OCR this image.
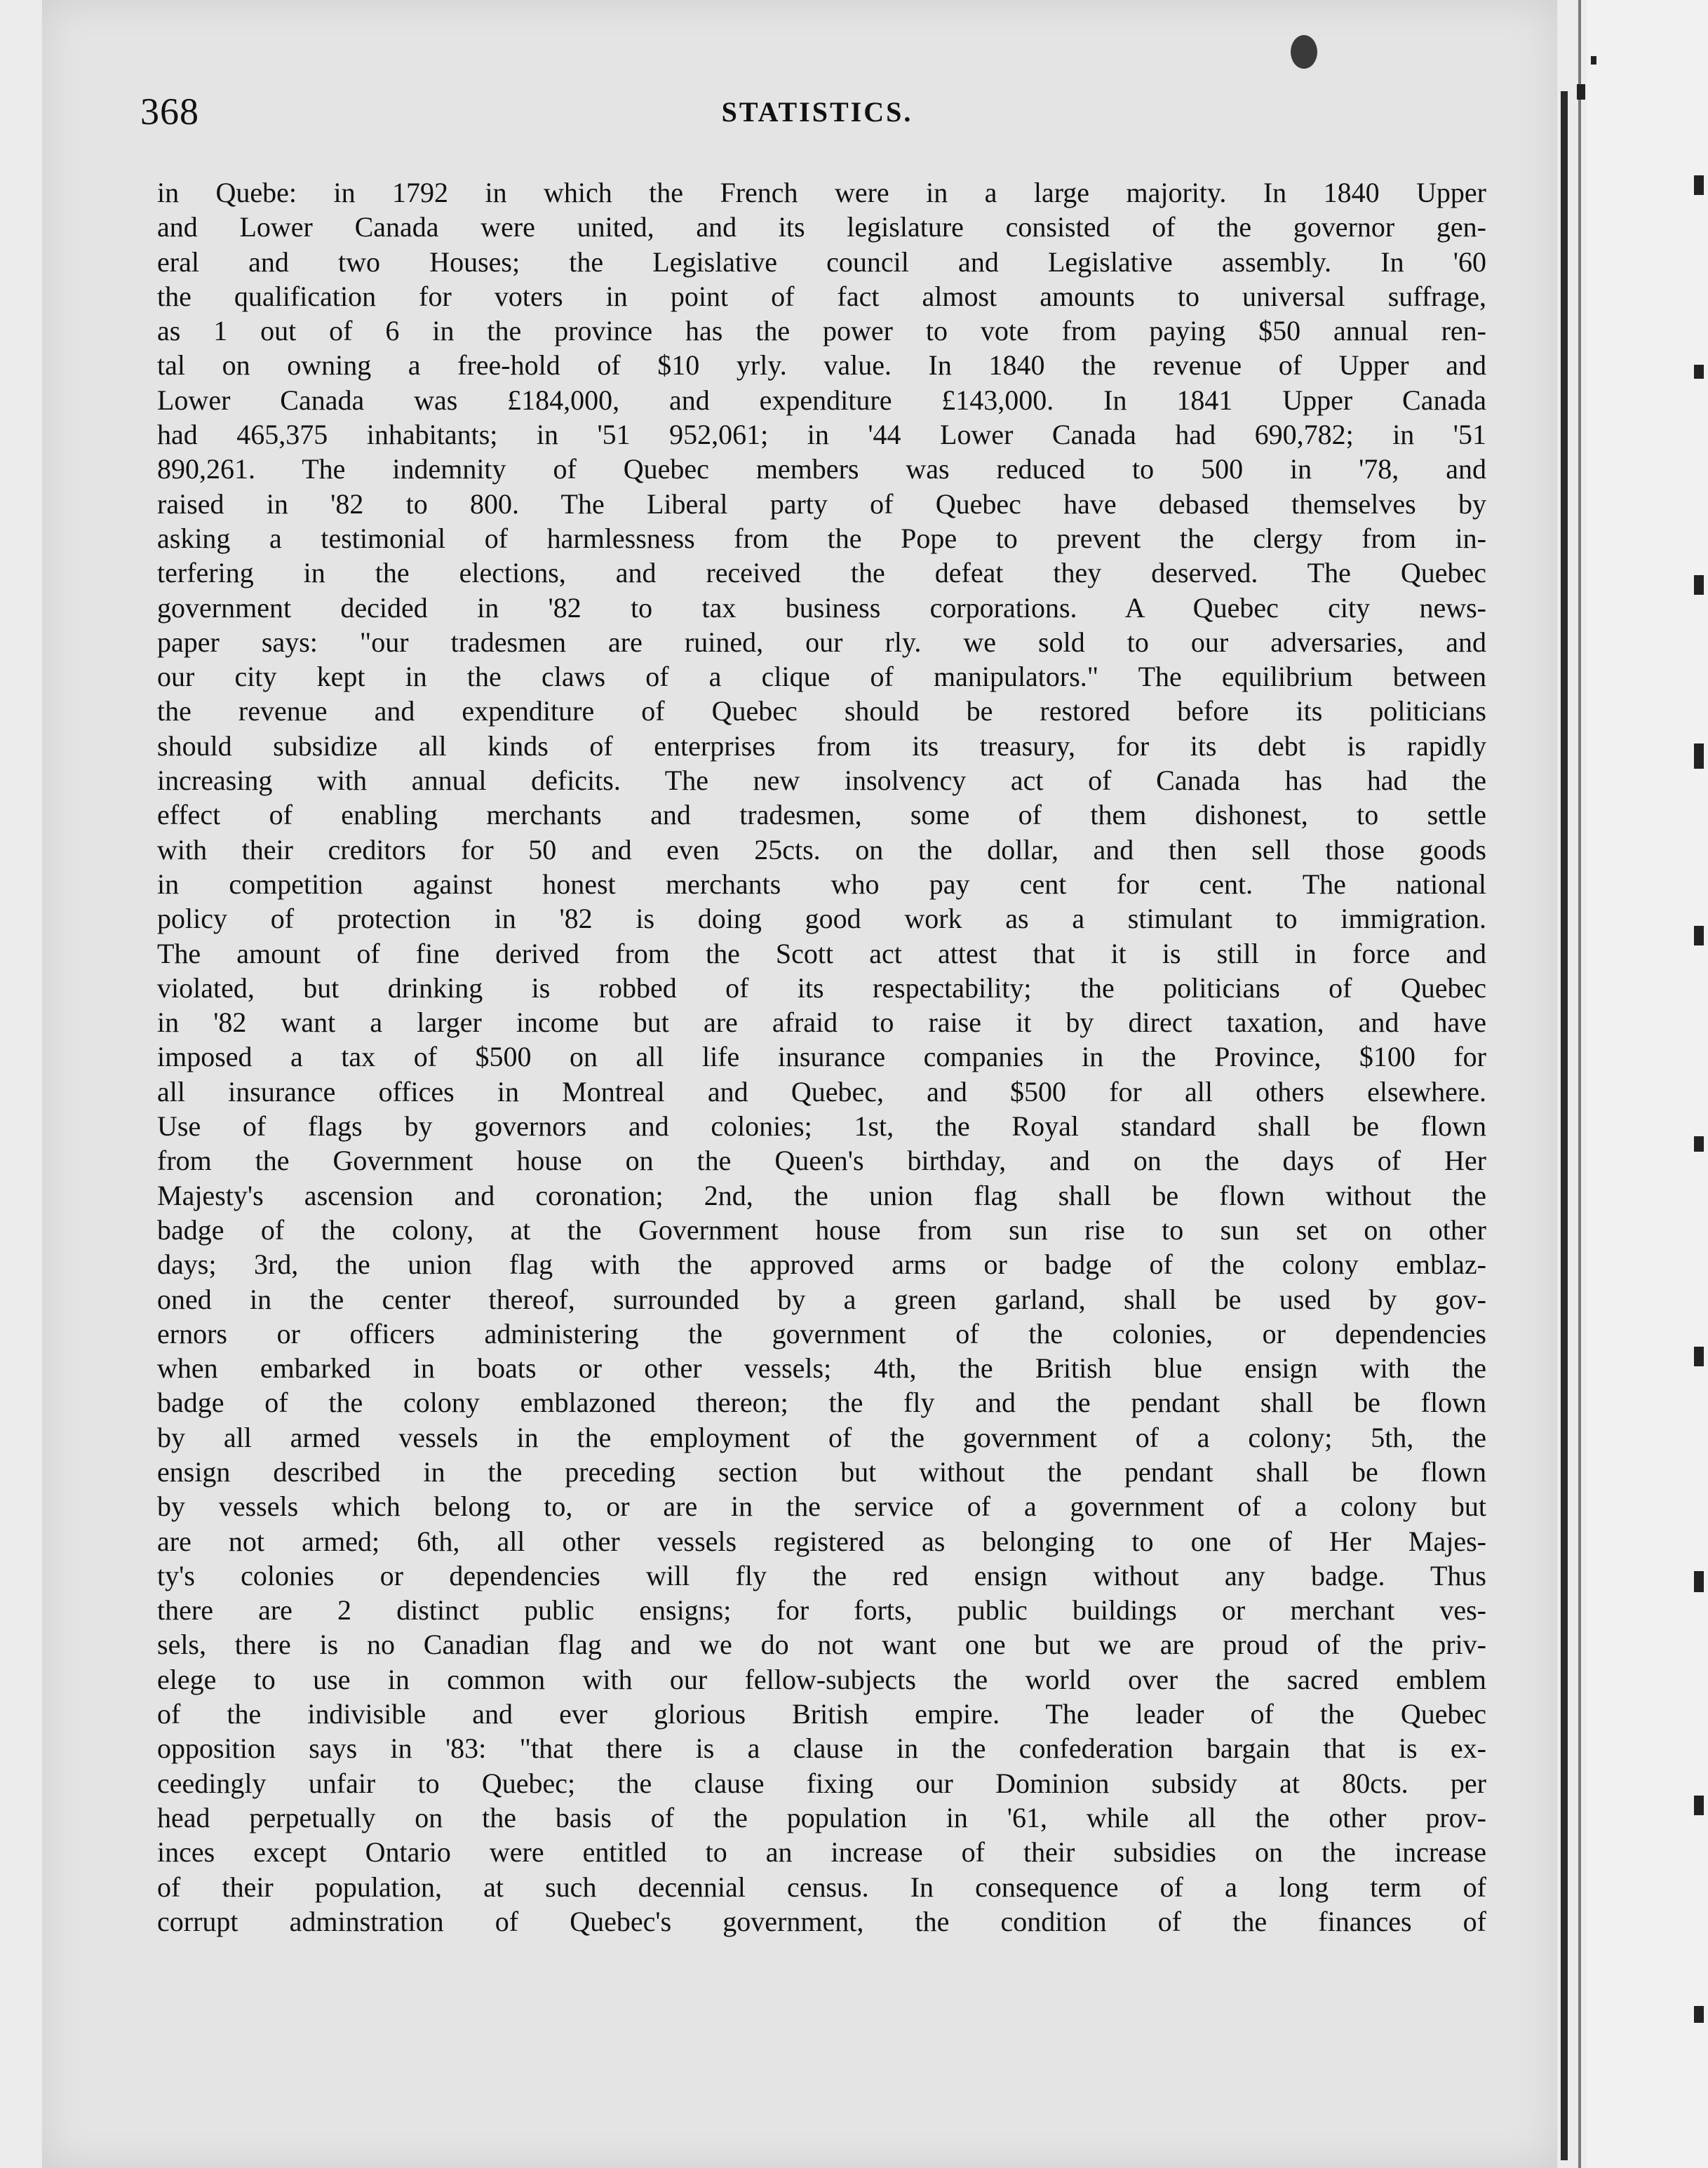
368	STATISTICS.
in Quebe: in 1792 in which the French were in a large majority. In 1840 Upper
and Lower Canada were united, and its legislature consisted of the governor gen-
eral and two Houses; the Legislative council and Legislative assembly. In '60
the qualification for voters in point of fact almost amounts to universal suffrage,
as 1 out of 6 in the province has the power to vote from paying $50 annual ren-
tal on owning a free-hold of $10 yrly. value. In 1840 the revenue of Upper and
Lower Canada was £184,000, and expenditure £143,000. In 1841 Upper Canada
had 465,375 inhabitants; in '51 952,061; in '44 Lower Canada had 690,782; in '51
890,261. The indemnity of Quebec members was reduced to 500 in '78, and
raised in '82 to 800. The Liberal party of Quebec have debased themselves by
asking a testimonial of harmlessness from the Pope to prevent the clergy from in-
terfering in the elections, and received the defeat they deserved. The Quebec
government decided in '82 to tax business corporations. A Quebec city news-
paper says: "our tradesmen are ruined, our rly. we sold to our adversaries, and
our city kept in the claws of a clique of manipulators." The equilibrium between
the revenue and expenditure of Quebec should be restored before its politicians
should subsidize all kinds of enterprises from its treasury, for its debt is rapidly
increasing with annual deficits. The new insolvency act of Canada has had the
effect of enabling merchants and tradesmen, some of them dishonest, to settle
with their creditors for 50 and even 25cts. on the dollar, and then sell those goods
in competition against honest merchants who pay cent for cent. The national
policy of protection in '82 is doing good work as a stimulant to immigration.
The amount of fine derived from the Scott act attest that it is still in force and
violated, but drinking is robbed of its respectability; the politicians of Quebec
in '82 want a larger income but are afraid to raise it by direct taxation, and have
imposed a tax of $500 on all life insurance companies in the Province, $100 for
all insurance offices in Montreal and Quebec, and $500 for all others elsewhere.
Use of flags by governors and colonies; 1st, the Royal standard shall be flown
from the Government house on the Queen's birthday, and on the days of Her
Majesty's ascension and coronation; 2nd, the union flag shall be flown without the
badge of the colony, at the Government house from sun rise to sun set on other
days; 3rd, the union flag with the approved arms or badge of the colony emblaz-
oned in the center thereof, surrounded by a green garland, shall be used by gov-
ernors or officers administering the government of the colonies, or dependencies
when embarked in boats or other vessels; 4th, the British blue ensign with the
badge of the colony emblazoned thereon; the fly and the pendant shall be flown
by all armed vessels in the employment of the government of a colony; 5th, the
ensign described in the preceding section but without the pendant shall be flown
by vessels which belong to, or are in the service of a government of a colony but
are not armed; 6th, all other vessels registered as belonging to one of Her Majes-
ty's colonies or dependencies will fly the red ensign without any badge. Thus
there are 2 distinct public ensigns; for forts, public buildings or merchant ves-
sels, there is no Canadian flag and we do not want one but we are proud of the priv-
elege to use in common with our fellow-subjects the world over the sacred emblem
of the indivisible and ever glorious British empire. The leader of the Quebec
opposition says in '83: "that there is a clause in the confederation bargain that is ex-
ceedingly unfair to Quebec; the clause fixing our Dominion subsidy at 80cts. per
head perpetually on the basis of the population in '61, while all the other prov-
inces except Ontario were entitled to an increase of their subsidies on the increase
of their population, at such decennial census. In consequence of a long term of
corrupt adminstration of Quebec's government, the condition of the finances of
